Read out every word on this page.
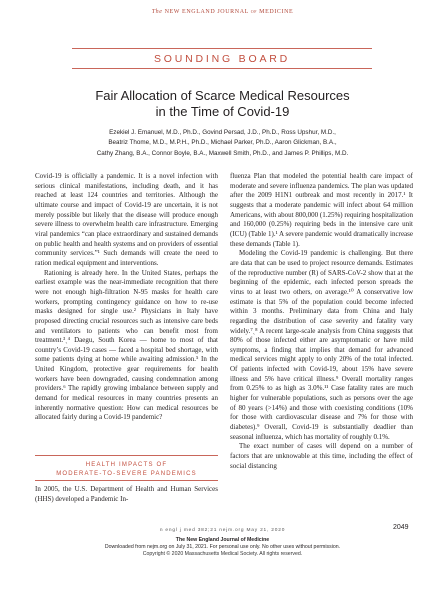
The NEW ENGLAND JOURNAL of MEDICINE
SOUNDING BOARD
Fair Allocation of Scarce Medical Resources
in the Time of Covid-19
Ezekiel J. Emanuel, M.D., Ph.D., Govind Persad, J.D., Ph.D., Ross Upshur, M.D.,
Beatriz Thome, M.D., M.P.H., Ph.D., Michael Parker, Ph.D., Aaron Glickman, B.A.,
Cathy Zhang, B.A., Connor Boyle, B.A., Maxwell Smith, Ph.D., and James P. Phillips, M.D.

Covid-19 is officially a pandemic. It is a novel infection with serious clinical manifestations, including death, and it has reached at least 124 countries and territories. Although the ultimate course and impact of Covid-19 are uncertain, it is not merely possible but likely that the disease will produce enough severe illness to overwhelm health care infrastructure. Emerging viral pandemics “can place extraordinary and sustained demands on public health and health systems and on providers of essential community services.”¹ Such demands will create the need to ration medical equipment and interventions.

Rationing is already here. In the United States, perhaps the earliest example was the near-immediate recognition that there were not enough high-filtration N-95 masks for health care workers, prompting contingency guidance on how to re-use masks designed for single use.² Physicians in Italy have proposed directing crucial resources such as intensive care beds and ventilators to patients who can benefit most from treatment.³ˎ⁴ Daegu, South Korea — home to most of that country’s Covid-19 cases — faced a hospital bed shortage, with some patients dying at home while awaiting admission.⁵ In the United Kingdom, protective gear requirements for health workers have been downgraded, causing condemnation among providers.⁶ The rapidly growing imbalance between supply and demand for medical resources in many countries presents an inherently normative question: How can medical resources be allocated fairly during a Covid-19 pandemic?

HEALTH IMPACTS OF
MODERATE-TO-SEVERE PANDEMICS
In 2005, the U.S. Department of Health and Human Services (HHS) developed a Pandemic In-

fluenza Plan that modeled the potential health care impact of moderate and severe influenza pandemics. The plan was updated after the 2009 H1N1 outbreak and most recently in 2017.¹ It suggests that a moderate pandemic will infect about 64 million Americans, with about 800,000 (1.25%) requiring hospitalization and 160,000 (0.25%) requiring beds in the intensive care unit (ICU) (Table 1).¹ A severe pandemic would dramatically increase these demands (Table 1).

Modeling the Covid-19 pandemic is challenging. But there are data that can be used to project resource demands. Estimates of the reproductive number (R) of SARS-CoV-2 show that at the beginning of the epidemic, each infected person spreads the virus to at least two others, on average.¹⁰ A conservative low estimate is that 5% of the population could become infected within 3 months. Preliminary data from China and Italy regarding the distribution of case severity and fatality vary widely.⁷ˎ⁸ A recent large-scale analysis from China suggests that 80% of those infected either are asymptomatic or have mild symptoms, a finding that implies that demand for advanced medical services might apply to only 20% of the total infected. Of patients infected with Covid-19, about 15% have severe illness and 5% have critical illness.⁹ Overall mortality ranges from 0.25% to as high as 3.0%.¹¹ Case fatality rates are much higher for vulnerable populations, such as persons over the age of 80 years (>14%) and those with coexisting conditions (10% for those with cardiovascular disease and 7% for those with diabetes).⁹ Overall, Covid-19 is substantially deadlier than seasonal influenza, which has mortality of roughly 0.1%.

The exact number of cases will depend on a number of factors that are unknowable at this time, including the effect of social distancing

n engl j med 382;21 nejm.org May 21, 2020	2049
The New England Journal of Medicine
Downloaded from nejm.org on July 31, 2021. For personal use only. No other uses without permission.
Copyright © 2020 Massachusetts Medical Society. All rights reserved.
